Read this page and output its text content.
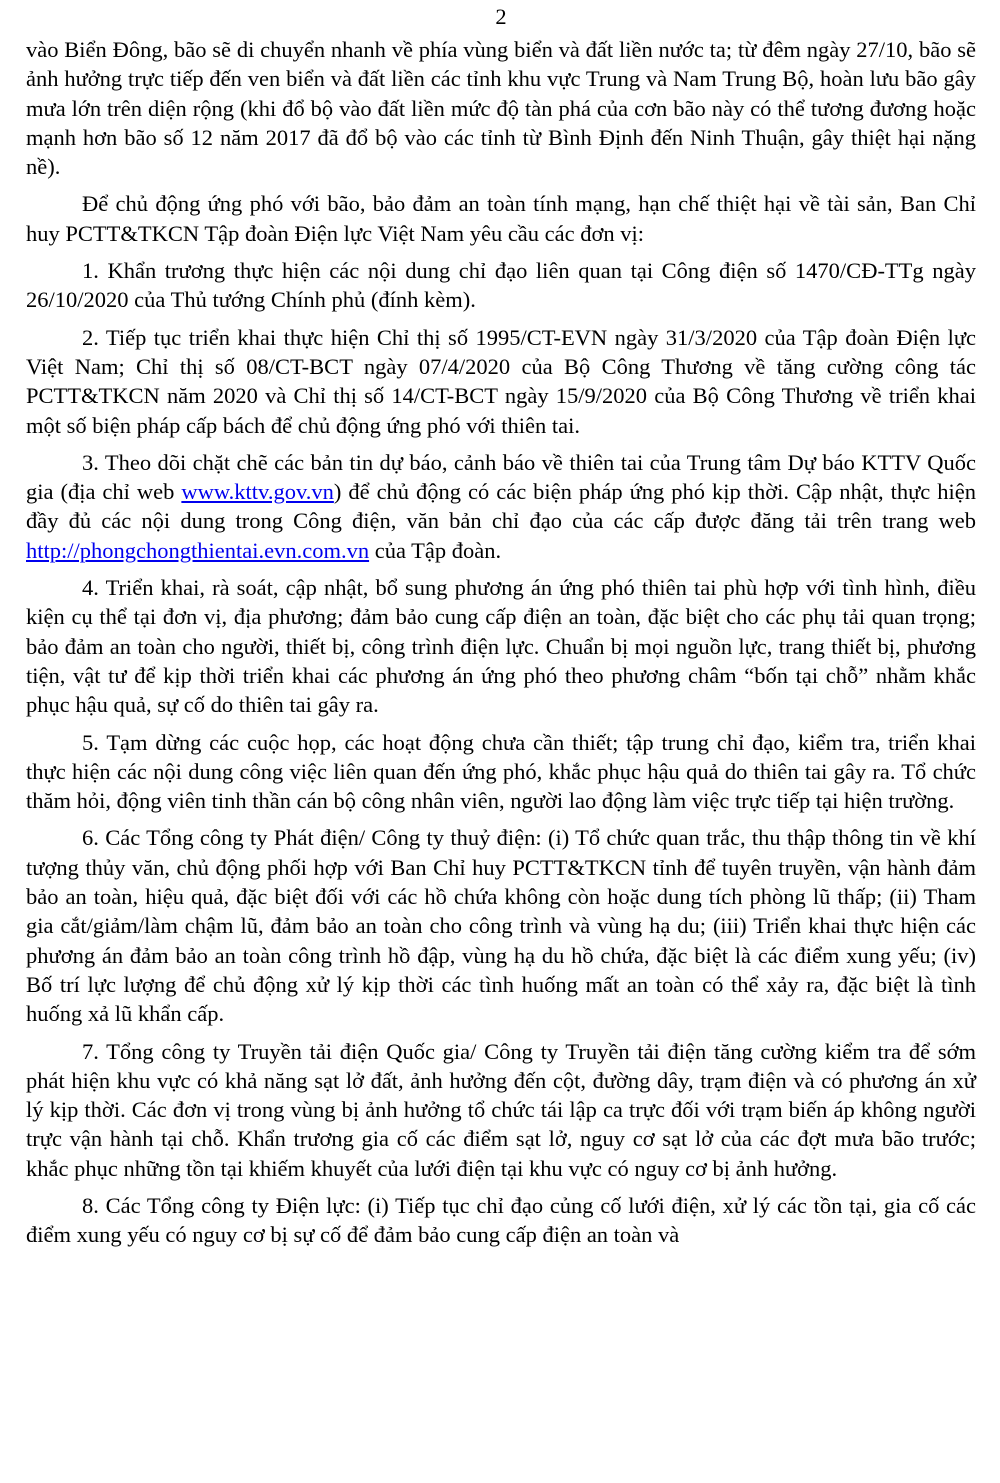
2

vào Biển Đông, bão sẽ di chuyển nhanh về phía vùng biển và đất liền nước ta; từ đêm ngày 27/10, bão sẽ ảnh hưởng trực tiếp đến ven biển và đất liền các tỉnh khu vực Trung và Nam Trung Bộ, hoàn lưu bão gây mưa lớn trên diện rộng (khi đổ bộ vào đất liền mức độ tàn phá của cơn bão này có thể tương đương hoặc mạnh hơn bão số 12 năm 2017 đã đổ bộ vào các tỉnh từ Bình Định đến Ninh Thuận, gây thiệt hại nặng nề).

Để chủ động ứng phó với bão, bảo đảm an toàn tính mạng, hạn chế thiệt hại về tài sản, Ban Chỉ huy PCTT&TKCN Tập đoàn Điện lực Việt Nam yêu cầu các đơn vị:

1. Khẩn trương thực hiện các nội dung chỉ đạo liên quan tại Công điện số 1470/CĐ-TTg ngày 26/10/2020 của Thủ tướng Chính phủ (đính kèm).

2. Tiếp tục triển khai thực hiện Chỉ thị số 1995/CT-EVN ngày 31/3/2020 của Tập đoàn Điện lực Việt Nam; Chỉ thị số 08/CT-BCT ngày 07/4/2020 của Bộ Công Thương về tăng cường công tác PCTT&TKCN năm 2020 và Chỉ thị số 14/CT-BCT ngày 15/9/2020 của Bộ Công Thương về triển khai một số biện pháp cấp bách để chủ động ứng phó với thiên tai.

3. Theo dõi chặt chẽ các bản tin dự báo, cảnh báo về thiên tai của Trung tâm Dự báo KTTV Quốc gia (địa chỉ web www.kttv.gov.vn) để chủ động có các biện pháp ứng phó kịp thời. Cập nhật, thực hiện đầy đủ các nội dung trong Công điện, văn bản chỉ đạo của các cấp được đăng tải trên trang web http://phongchongthientai.evn.com.vn của Tập đoàn.

4. Triển khai, rà soát, cập nhật, bổ sung phương án ứng phó thiên tai phù hợp với tình hình, điều kiện cụ thể tại đơn vị, địa phương; đảm bảo cung cấp điện an toàn, đặc biệt cho các phụ tải quan trọng; bảo đảm an toàn cho người, thiết bị, công trình điện lực. Chuẩn bị mọi nguồn lực, trang thiết bị, phương tiện, vật tư để kịp thời triển khai các phương án ứng phó theo phương châm “bốn tại chỗ” nhằm khắc phục hậu quả, sự cố do thiên tai gây ra.

5. Tạm dừng các cuộc họp, các hoạt động chưa cần thiết; tập trung chỉ đạo, kiểm tra, triển khai thực hiện các nội dung công việc liên quan đến ứng phó, khắc phục hậu quả do thiên tai gây ra. Tổ chức thăm hỏi, động viên tinh thần cán bộ công nhân viên, người lao động làm việc trực tiếp tại hiện trường.

6. Các Tổng công ty Phát điện/ Công ty thuỷ điện: (i) Tổ chức quan trắc, thu thập thông tin về khí tượng thủy văn, chủ động phối hợp với Ban Chỉ huy PCTT&TKCN tỉnh để tuyên truyền, vận hành đảm bảo an toàn, hiệu quả, đặc biệt đối với các hồ chứa không còn hoặc dung tích phòng lũ thấp; (ii) Tham gia cắt/giảm/làm chậm lũ, đảm bảo an toàn cho công trình và vùng hạ du; (iii) Triển khai thực hiện các phương án đảm bảo an toàn công trình hồ đập, vùng hạ du hồ chứa, đặc biệt là các điểm xung yếu; (iv) Bố trí lực lượng để chủ động xử lý kịp thời các tình huống mất an toàn có thể xảy ra, đặc biệt là tình huống xả lũ khẩn cấp.

7. Tổng công ty Truyền tải điện Quốc gia/ Công ty Truyền tải điện tăng cường kiểm tra để sớm phát hiện khu vực có khả năng sạt lở đất, ảnh hưởng đến cột, đường dây, trạm điện và có phương án xử lý kịp thời. Các đơn vị trong vùng bị ảnh hưởng tổ chức tái lập ca trực đối với trạm biến áp không người trực vận hành tại chỗ. Khẩn trương gia cố các điểm sạt lở, nguy cơ sạt lở của các đợt mưa bão trước; khắc phục những tồn tại khiếm khuyết của lưới điện tại khu vực có nguy cơ bị ảnh hưởng.

8. Các Tổng công ty Điện lực: (i) Tiếp tục chỉ đạo củng cố lưới điện, xử lý các tồn tại, gia cố các điểm xung yếu có nguy cơ bị sự cố để đảm bảo cung cấp điện an toàn và
